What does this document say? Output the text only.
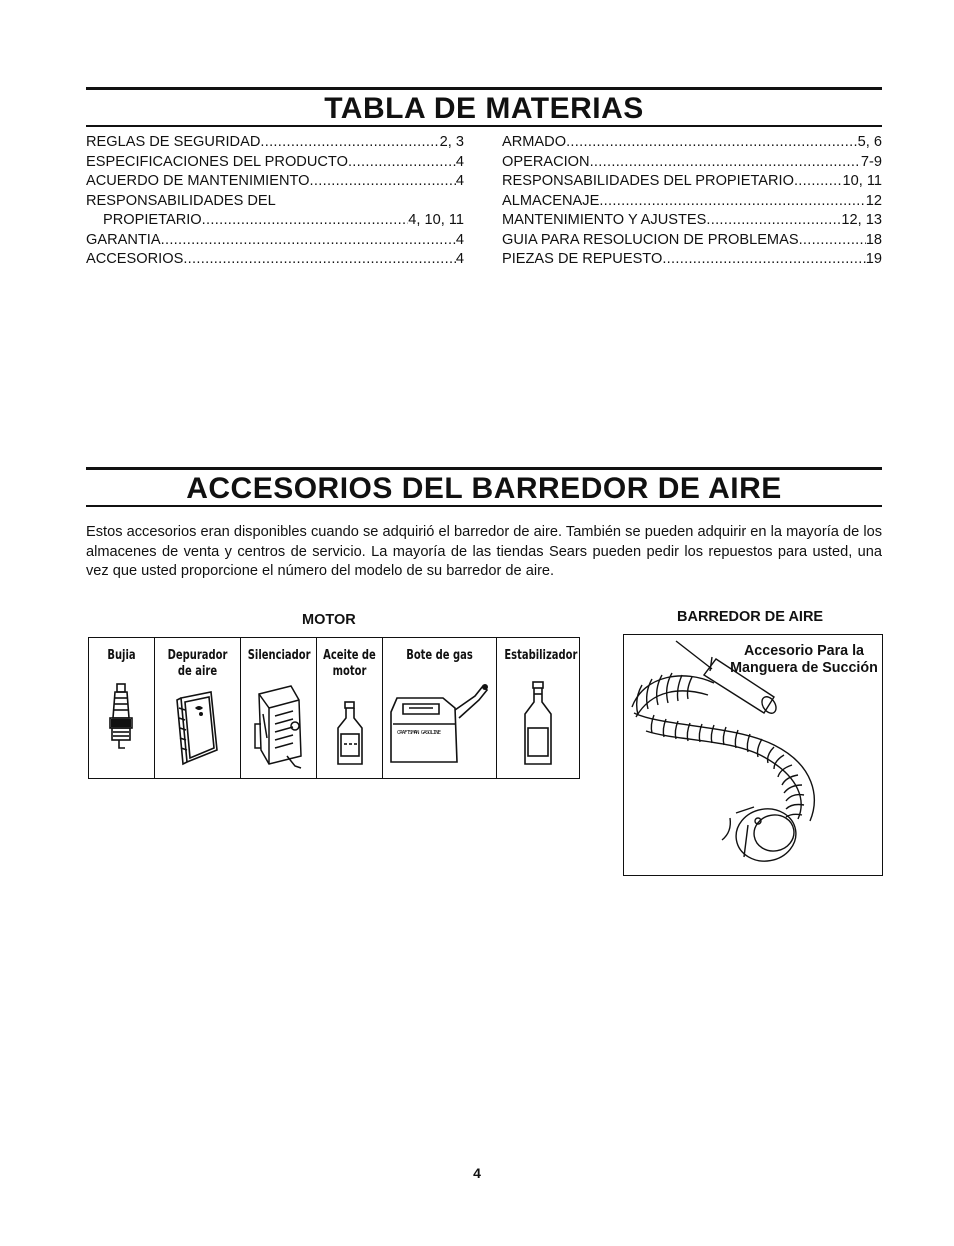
TABLA DE MATERIAS
REGLAS DE SEGURIDAD .....	2, 3
ESPECIFICACIONES DEL PRODUCTO .....	4
ACUERDO DE MANTENIMIENTO .....	4
RESPONSABILIDADES DEL
PROPIETARIO .....	4, 10, 11
GARANTIA .....	4
ACCESORIOS .....	4
ARMADO .....	5, 6
OPERACION .....	7-9
RESPONSABILIDADES DEL PROPIETARIO .....	10, 11
ALMACENAJE .....	12
MANTENIMIENTO Y AJUSTES .....	12, 13
GUIA PARA RESOLUCION DE PROBLEMAS .....	18
PIEZAS DE REPUESTO .....	19
ACCESORIOS DEL BARREDOR DE AIRE
Estos accesorios eran disponibles cuando se adquirió el barredor de aire. También se pueden adquirir en la mayoría de los almacenes de venta y centros de servicio. La mayoría de las tiendas Sears pueden pedir los repuestos para usted, una vez que usted proporcione el número del modelo de su barredor de aire.
MOTOR	BARREDOR DE AIRE
Bujia	Depurador de aire
Silenciador Aceite de motor
Bote de gas
CRAFTSMAN GASOLINE
Estabilizador	Accesorio Para la Manguera de Succión
4
